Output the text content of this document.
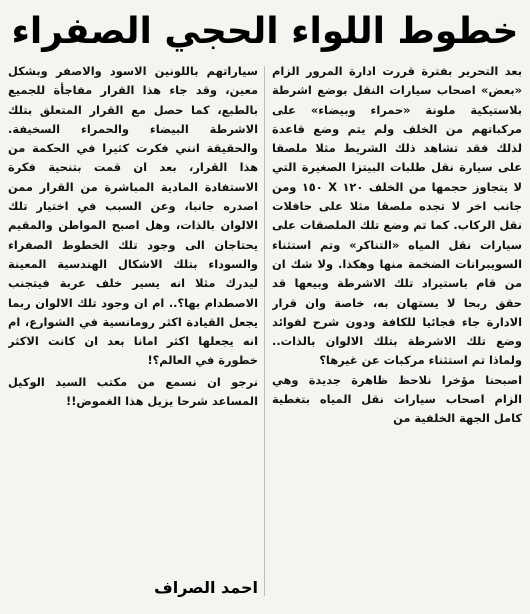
خطوط اللواء الحجي الصفراء

بعد التحرير بفترة قررت ادارة المرور الزام «بعض» اصحاب سيارات النقل بوضع اشرطة بلاستيكية ملونة «حمراء وبيضاء» على مركباتهم من الخلف ولم يتم وضع قاعدة لذلك فقد تشاهد ذلك الشريط مثلا ملصقا على سيارة نقل طلبات البيتزا الصغيرة التي لا يتجاوز حجمها من الخلف ١٢٠ X ١٥٠ ومن جانب اخر لا تجده ملصقا مثلا على حافلات نقل الركاب. كما تم وضع تلك الملصقات على سيارات نقل المياه «التناكر» وتم استثناء السويبرانات الضخمة منها وهكذا. ولا شك ان من قام باستيراد تلك الاشرطة وبيعها قد حقق ربحا لا يستهان به، خاصة وان قرار الادارة جاء فجائيا للكافة ودون شرح لفوائد وضع تلك الاشرطة بتلك الالوان بالذات.. ولماذا تم استثناء مركبات عن غيرها؟

اصبحنا مؤخرا نلاحظ ظاهرة جديدة وهي الزام اصحاب سيارات نقل المياه بتغطية كامل الجهة الخلفية من

سياراتهم باللونين الاسود والاصفر وبشكل معين، وقد جاء هذا القرار مفاجأة للجميع بالطبع، كما حصل مع القرار المتعلق بتلك الاشرطة البيضاء والحمراء السخيفة. والحقيقة انني فكرت كثيرا في الحكمة من هذا القرار، بعد ان قمت بتنحية فكرة الاستفادة المادية المباشرة من القرار ممن اصدره جانبا، وعن السبب في اختيار تلك الالوان بالذات، وهل اصبح المواطن والمقيم يحتاجان الى وجود تلك الخطوط الصفراء والسوداء بتلك الاشكال الهندسية المعينة ليدرك مثلا انه يسير خلف عربة فيتجنب الاصطدام بها؟.. ام ان وجود تلك الالوان ربما يجعل القيادة اكثر رومانسية في الشوارع، ام انه يجعلها اكثر امانا بعد ان كانت الاكثر خطورة في العالم؟!

نرجو ان نسمع من مكتب السيد الوكيل المساعد شرحا يزيل هذا الغموض!!

احمد الصراف
